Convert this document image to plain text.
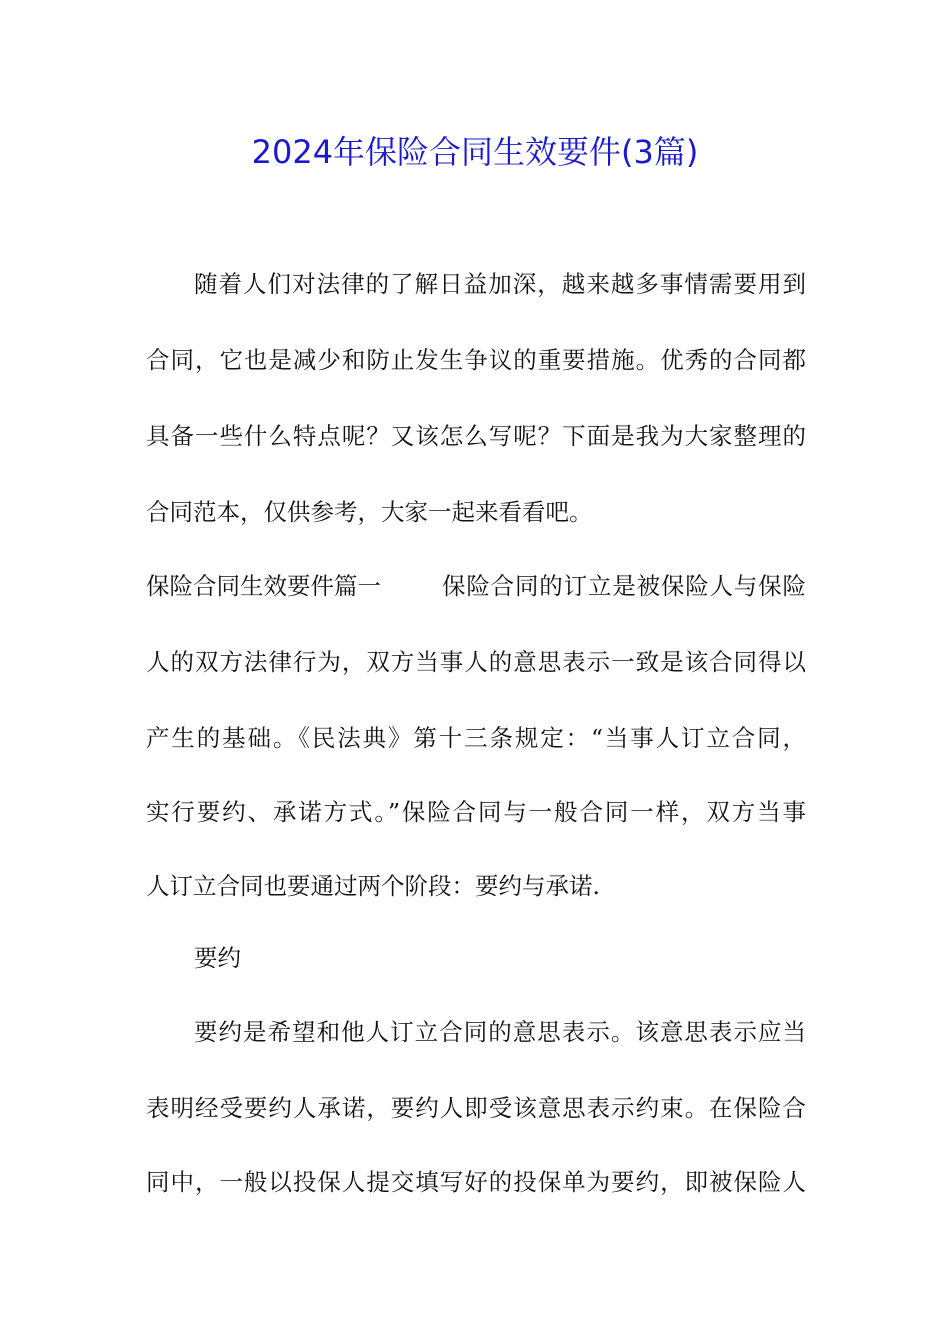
2024年保险合同生效要件(3篇)
随着人们对法律的了解日益加深，越来越多事情需要用到
合同，它也是减少和防止发生争议的重要措施。优秀的合同都
具备一些什么特点呢？又该怎么写呢？下面是我为大家整理的
合同范本，仅供参考，大家一起来看看吧。
保险合同生效要件篇一	保险合同的订立是被保险人与保险
人的双方法律行为，双方当事人的意思表示一致是该合同得以
产生的基础。《民法典》第十三条规定：“当事人订立合同，
实行要约、承诺方式。”保险合同与一般合同一样，双方当事
人订立合同也要通过两个阶段：要约与承诺.
要约
要约是希望和他人订立合同的意思表示。该意思表示应当
表明经受要约人承诺，要约人即受该意思表示约束。在保险合
同中，一般以投保人提交填写好的投保单为要约，即被保险人
